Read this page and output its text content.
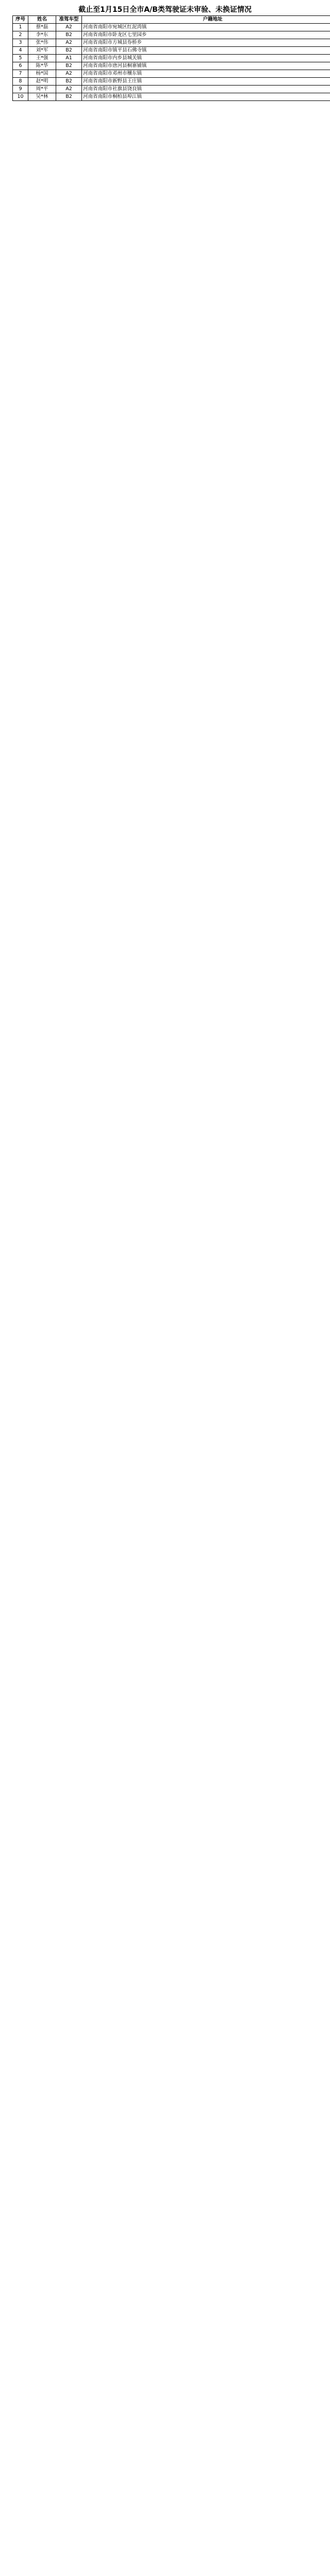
截止至1月15日全市A/B类驾驶证未审验、未换证情况
序号	姓名	准驾车型	户籍地址
1	蔡*磊	A2	河南省南阳市宛城区红泥湾镇
2	李*东	B2	河南省南阳市卧龙区七里园乡
3	张*伟	A2	河南省南阳市方城县券桥乡
4	刘*军	B2	河南省南阳市镇平县石佛寺镇
5	王*强	A1	河南省南阳市内乡县城关镇
6	陈*华	B2	河南省南阳市唐河县桐寨铺镇
7	杨*国	A2	河南省南阳市邓州市穰东镇
8	赵*明	B2	河南省南阳市新野县王庄镇
9	周*平	A2	河南省南阳市社旗县饶良镇
10	吴*林	B2	河南省南阳市桐柏县埠江镇
